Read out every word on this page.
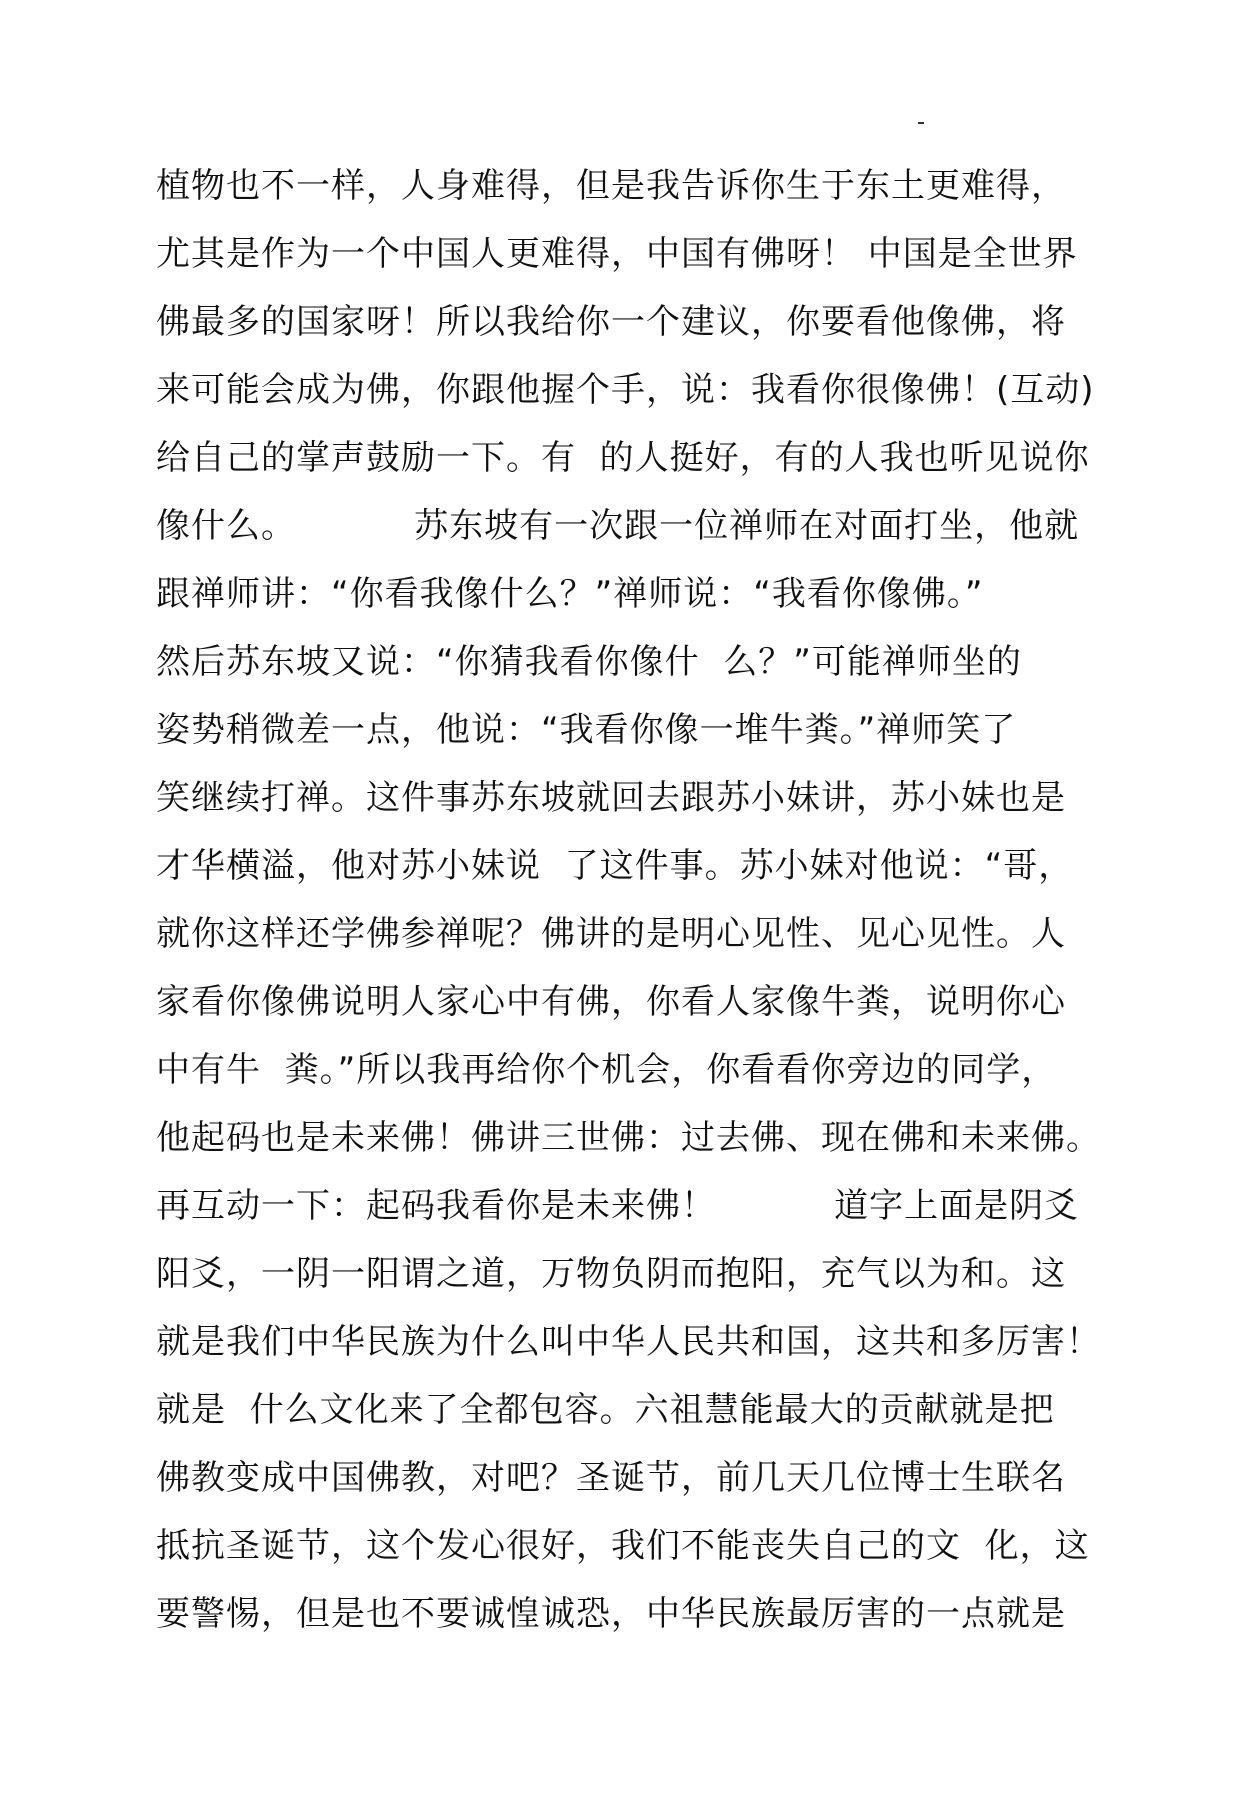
植物也不一样，人身难得，但是我告诉你生于东土更难得，
尤其是作为一个中国人更难得，中国有佛呀！ 中国是全世界
佛最多的国家呀！所以我给你一个建议，你要看他像佛，将
来可能会成为佛，你跟他握个手，说：我看你很像佛！(互动)
给自己的掌声鼓励一下。有  的人挺好，有的人我也听见说你
像什么。          苏东坡有一次跟一位禅师在对面打坐，他就
跟禅师讲：“你看我像什么？”禅师说：“我看你像佛。”
然后苏东坡又说：“你猜我看你像什  么？”可能禅师坐的
姿势稍微差一点，他说：“我看你像一堆牛粪。”禅师笑了
笑继续打禅。这件事苏东坡就回去跟苏小妹讲，苏小妹也是
才华横溢，他对苏小妹说  了这件事。苏小妹对他说：“哥，
就你这样还学佛参禅呢？佛讲的是明心见性、见心见性。人
家看你像佛说明人家心中有佛，你看人家像牛粪，说明你心
中有牛  粪。”所以我再给你个机会，你看看你旁边的同学，
他起码也是未来佛！佛讲三世佛：过去佛、现在佛和未来佛。
再互动一下：起码我看你是未来佛！          道字上面是阴爻
阳爻，一阴一阳谓之道，万物负阴而抱阳，充气以为和。这
就是我们中华民族为什么叫中华人民共和国，这共和多厉害！
就是  什么文化来了全都包容。六祖慧能最大的贡献就是把
佛教变成中国佛教，对吧？圣诞节，前几天几位博士生联名
抵抗圣诞节，这个发心很好，我们不能丧失自己的文  化，这
要警惕，但是也不要诚惶诚恐，中华民族最厉害的一点就是
